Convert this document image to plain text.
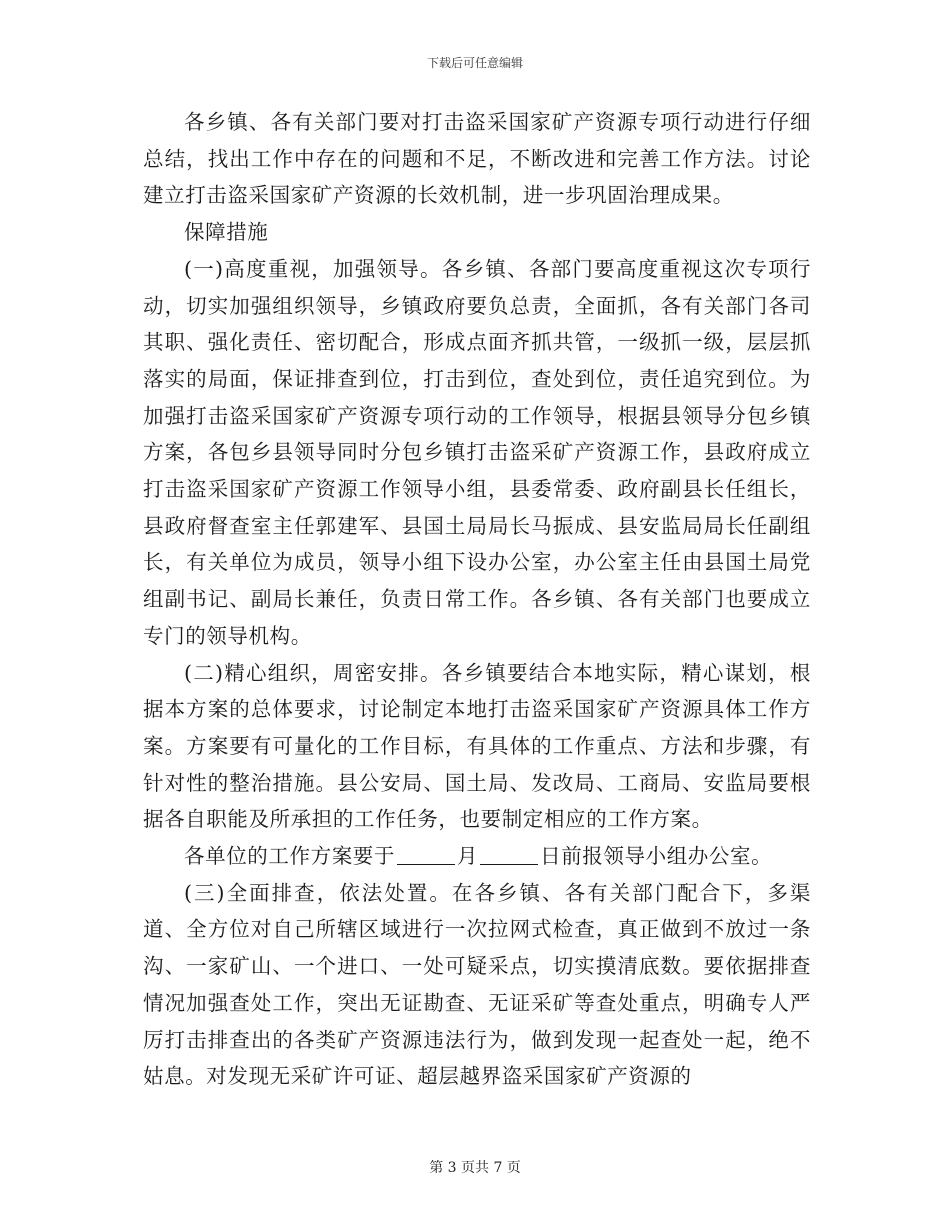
下载后可任意编辑

各乡镇、各有关部门要对打击盗采国家矿产资源专项行动进行仔细总结，找出工作中存在的问题和不足，不断改进和完善工作方法。讨论建立打击盗采国家矿产资源的长效机制，进一步巩固治理成果。

保障措施

(一)高度重视，加强领导。各乡镇、各部门要高度重视这次专项行动，切实加强组织领导，乡镇政府要负总责，全面抓，各有关部门各司其职、强化责任、密切配合，形成点面齐抓共管，一级抓一级，层层抓落实的局面，保证排查到位，打击到位，查处到位，责任追究到位。为加强打击盗采国家矿产资源专项行动的工作领导，根据县领导分包乡镇方案，各包乡县领导同时分包乡镇打击盗采矿产资源工作，县政府成立打击盗采国家矿产资源工作领导小组，县委常委、政府副县长任组长，县政府督查室主任郭建军、县国土局局长马振成、县安监局局长任副组长，有关单位为成员，领导小组下设办公室，办公室主任由县国土局党组副书记、副局长兼任，负责日常工作。各乡镇、各有关部门也要成立专门的领导机构。

(二)精心组织，周密安排。各乡镇要结合本地实际，精心谋划，根据本方案的总体要求，讨论制定本地打击盗采国家矿产资源具体工作方案。方案要有可量化的工作目标，有具体的工作重点、方法和步骤，有针对性的整治措施。县公安局、国土局、发改局、工商局、安监局要根据各自职能及所承担的工作任务，也要制定相应的工作方案。

各单位的工作方案要于	月	日前报领导小组办公室。

(三)全面排查，依法处置。在各乡镇、各有关部门配合下，多渠道、全方位对自己所辖区域进行一次拉网式检查，真正做到不放过一条沟、一家矿山、一个进口、一处可疑采点，切实摸清底数。要依据排查情况加强查处工作，突出无证勘查、无证采矿等查处重点，明确专人严厉打击排查出的各类矿产资源违法行为，做到发现一起查处一起，绝不姑息。对发现无采矿许可证、超层越界盗采国家矿产资源的

第 3 页共 7 页
